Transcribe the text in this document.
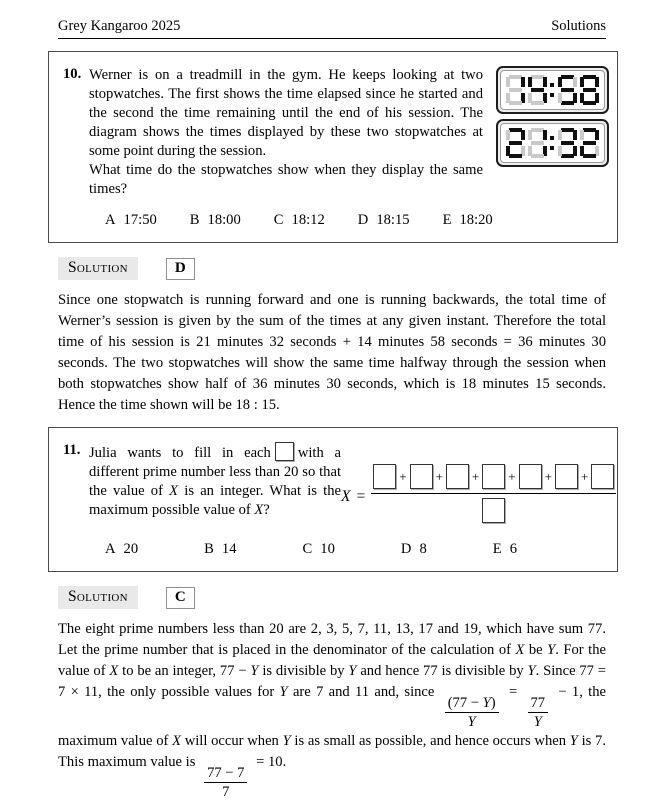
Grey Kangaroo 2025	Solutions
10. Werner is on a treadmill in the gym. He keeps looking at two stopwatches. The first shows the time elapsed since he started and the second the time remaining until the end of his session. The diagram shows the times displayed by these two stopwatches at some point during the session.

What time do the stopwatches show when they display the same times?

A 17:50 B 18:00 C 18:12 D 18:15 E 18:20
Solution	D
Since one stopwatch is running forward and one is running backwards, the total time of Werner’s session is given by the sum of the times at any given instant. Therefore the total time of his session is 21 minutes 32 seconds + 14 minutes 58 seconds = 36 minutes 30 seconds. The two stopwatches will show the same time halfway through the session when both stopwatches show half of 36 minutes 30 seconds, which is 18 minutes 15 seconds. Hence the time shown will be 18 : 15.
11. Julia wants to fill in each with a different prime number less than 20 so that the value of X is an integer. What is the maximum possible value of X?
X =
+ + + + + +
A 20	B 14	C 10	D 8	E 6
Solution	C
The eight prime numbers less than 20 are 2, 3, 5, 7, 11, 13, 17 and 19, which have sum 77. Let the prime number that is placed in the denominator of the calculation of X be Y. For the value of X to be an integer, 77 − Y is divisible by Y and hence 77 is divisible by Y. Since 77 = 7 × 11, the only possible values for Y are 7 and 11 and, since
$\frac{(77 - Y)}{Y}$
=
$\frac{77}{Y}$
− 1, the maximum value of X will occur when Y is as small as possible, and hence occurs when Y is 7. This maximum value is
$\frac{77 - 7}{7}$
= 10.
